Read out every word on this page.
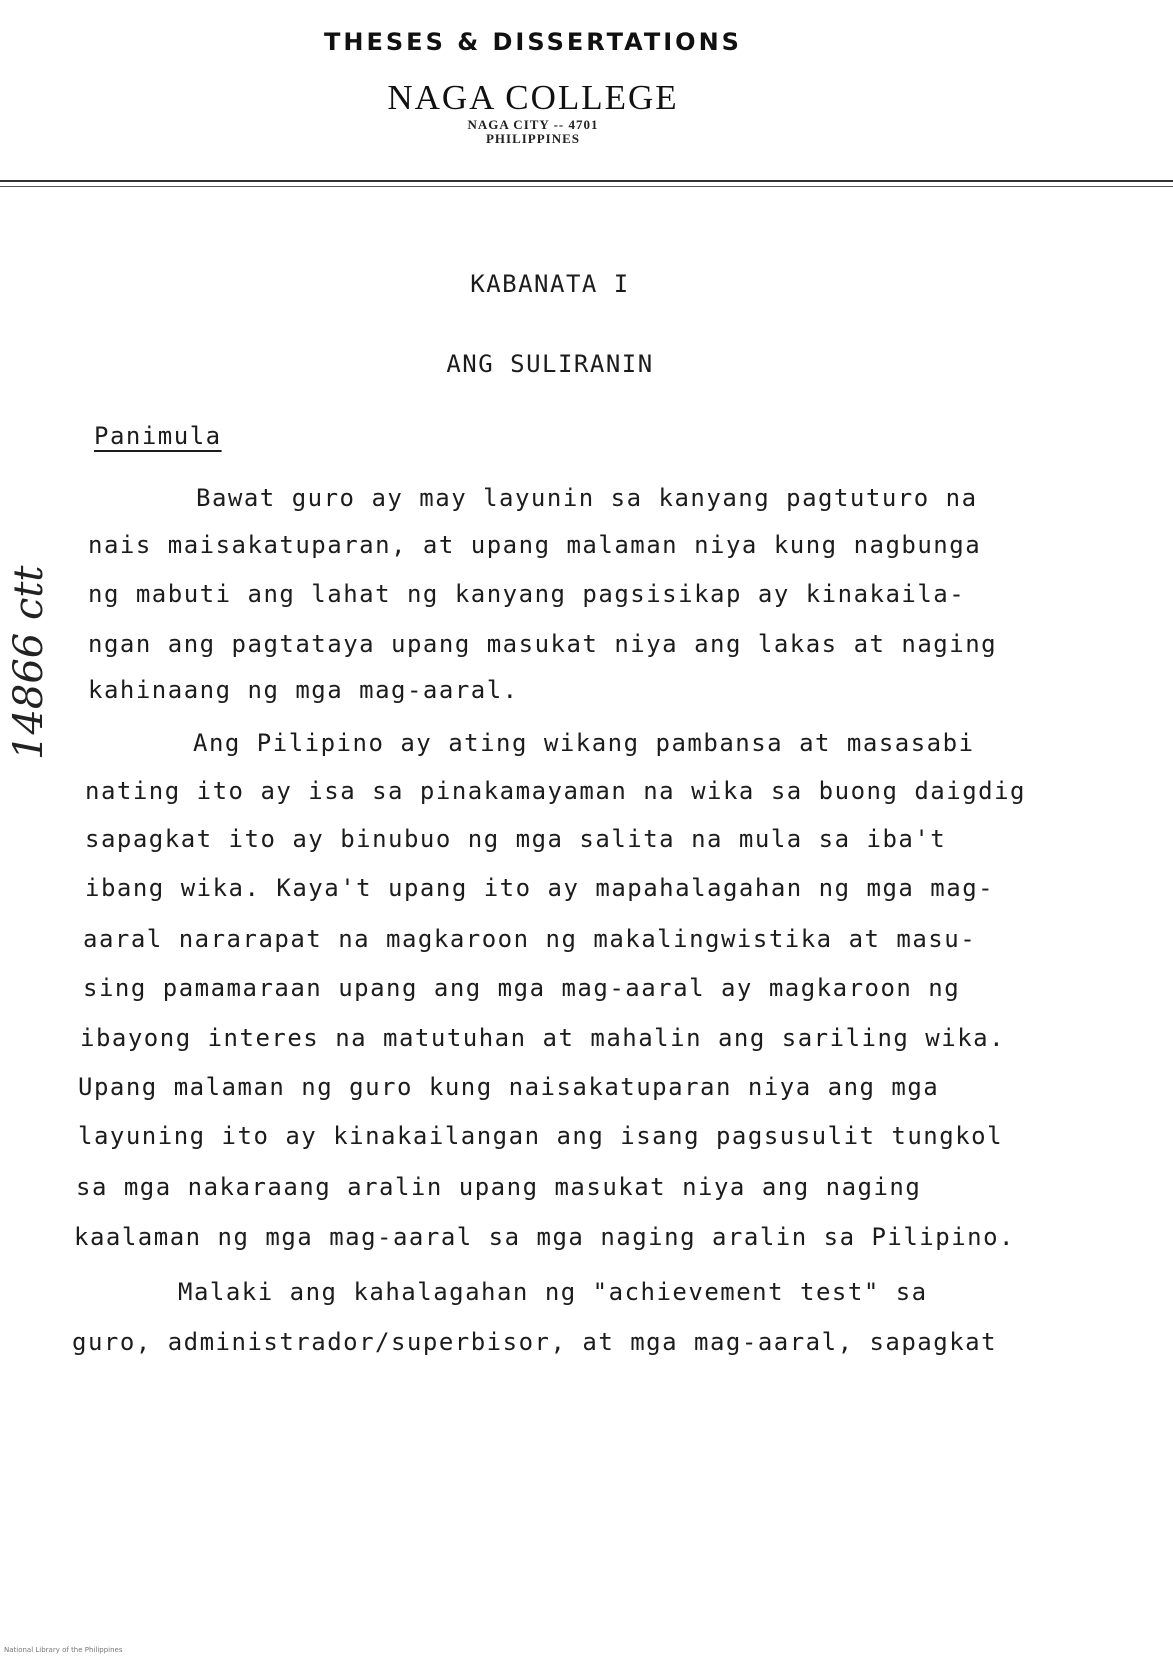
THESES & DISSERTATIONS
NAGA COLLEGE
NAGA CITY -- 4701
PHILIPPINES
KABANATA I
ANG SULIRANIN
Panimula
Bawat guro ay may layunin sa kanyang pagtuturo na
nais maisakatuparan, at upang malaman niya kung nagbunga
ng mabuti ang lahat ng kanyang pagsisikap ay kinakaila-
ngan ang pagtataya upang masukat niya ang lakas at naging
kahinaang ng mga mag-aaral.
Ang Pilipino ay ating wikang pambansa at masasabi
nating ito ay isa sa pinakamayaman na wika sa buong daigdig
sapagkat ito ay binubuo ng mga salita na mula sa iba't
ibang wika. Kaya't upang ito ay mapahalagahan ng mga mag-
aaral nararapat na magkaroon ng makalingwistika at masu-
sing pamamaraan upang ang mga mag-aaral ay magkaroon ng
ibayong interes na matutuhan at mahalin ang sariling wika.
Upang malaman ng guro kung naisakatuparan niya ang mga
layuning ito ay kinakailangan ang isang pagsusulit tungkol
sa mga nakaraang aralin upang masukat niya ang naging
kaalaman ng mga mag-aaral sa mga naging aralin sa Pilipino.
Malaki ang kahalagahan ng "achievement test" sa
guro, administrador/superbisor, at mga mag-aaral, sapagkat
14866 ctt
National Library of the Philippines
